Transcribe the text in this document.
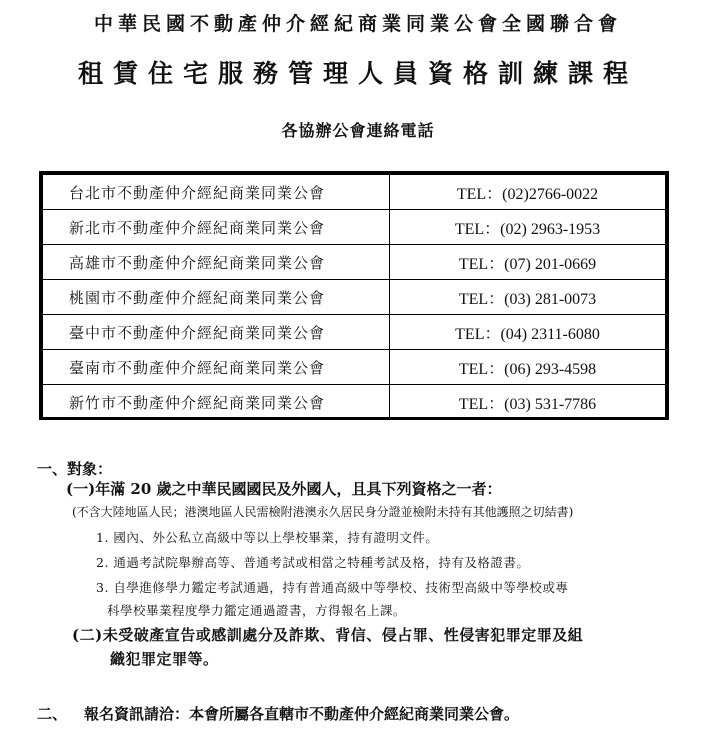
中華民國不動產仲介經紀商業同業公會全國聯合會
租賃住宅服務管理人員資格訓練課程
各協辦公會連絡電話
台北市不動產仲介經紀商業同業公會	TEL：(02)2766-0022
新北市不動產仲介經紀商業同業公會	TEL：(02) 2963-1953
高雄市不動產仲介經紀商業同業公會	TEL：(07) 201-0669
桃園市不動產仲介經紀商業同業公會	TEL：(03) 281-0073
臺中市不動產仲介經紀商業同業公會	TEL：(04) 2311-6080
臺南市不動產仲介經紀商業同業公會	TEL：(06) 293-4598
新竹市不動產仲介經紀商業同業公會	TEL：(03) 531-7786
一、對象：
(一)年滿 20 歲之中華民國國民及外國人，且具下列資格之一者：
(不含大陸地區人民；港澳地區人民需檢附港澳永久居民身分證並檢附未持有其他護照之切結書)
1. 國內、外公私立高級中等以上學校畢業，持有證明文件。
2. 通過考試院舉辦高等、普通考試或相當之特種考試及格，持有及格證書。
3. 自學進修學力鑑定考試通過，持有普通高級中等學校、技術型高級中等學校或專
科學校畢業程度學力鑑定通過證書，方得報名上課。
(二)未受破產宣告或感訓處分及詐欺、背信、侵占罪、性侵害犯罪定罪及組
織犯罪定罪等。
二、 報名資訊請洽：本會所屬各直轄市不動產仲介經紀商業同業公會。
